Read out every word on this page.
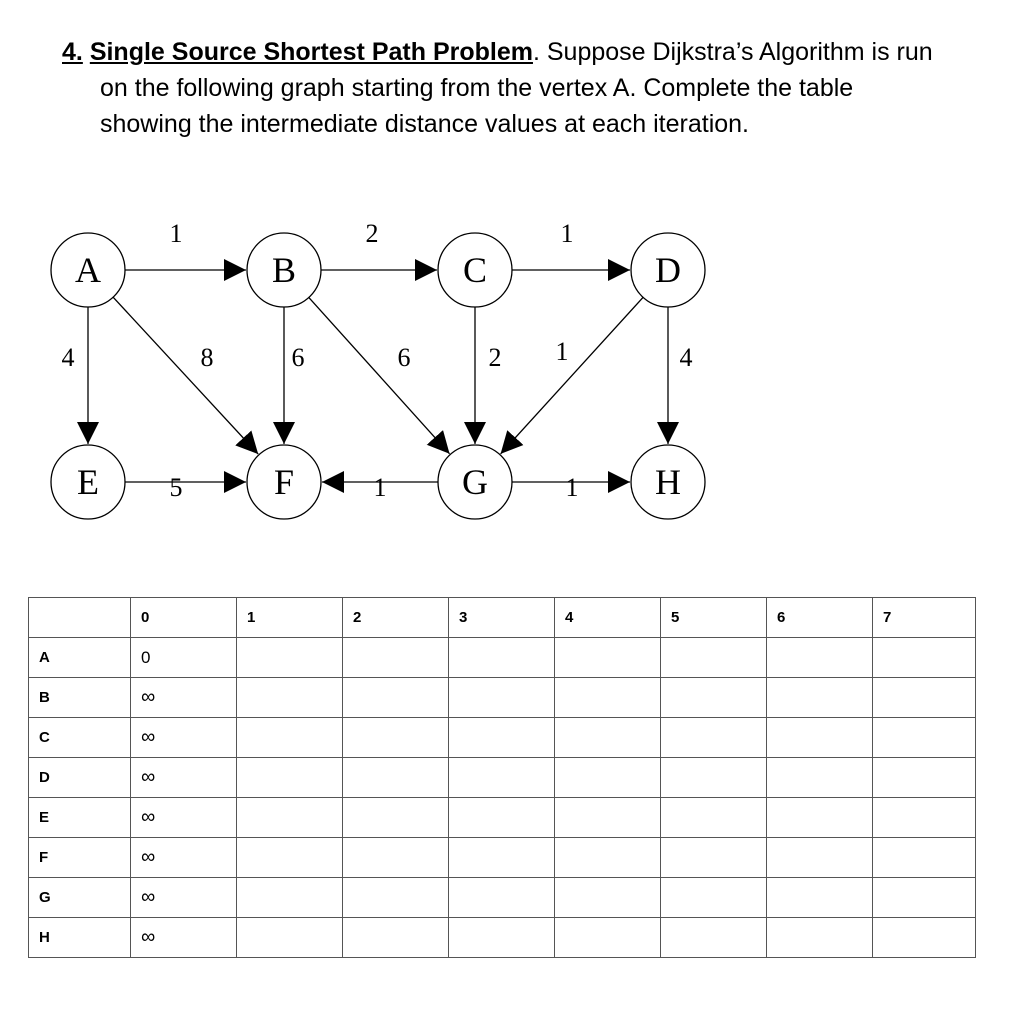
4. Single Source Shortest Path Problem. Suppose Dijkstra’s Algorithm is run
on the following graph starting from the vertex A. Complete the table
showing the intermediate distance values at each iteration.
1	2	1
4	8	6	6	2 1	4
5	1	1
A	B	C	D
E	F	G	H
	0	1	2	3	4	5	6	7
A	0							
B	∞							
C	∞							
D	∞							
E	∞							
F	∞							
G	∞							
H	∞							
